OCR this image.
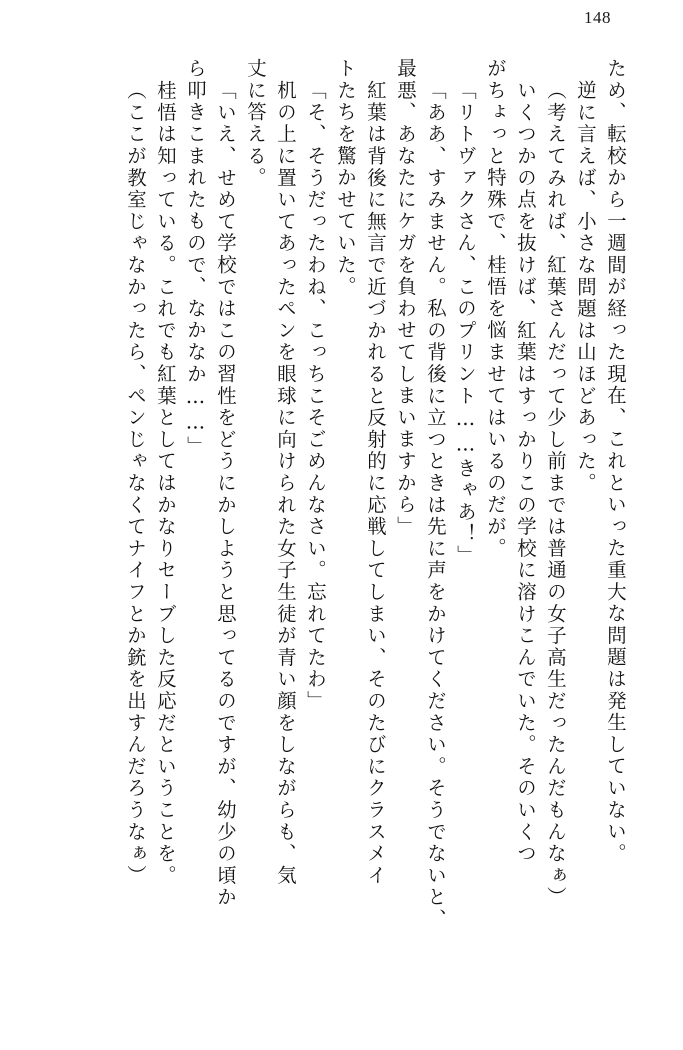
148
ため、転校から一週間が経った現在、これといった重大な問題は発生していない。
逆に言えば、小さな問題は山ほどあった。
（考えてみれば、紅葉さんだって少し前までは普通の女子高生だったんだもんなぁ）
いくつかの点を抜けば、紅葉はすっかりこの学校に溶けこんでいた。そのいくつ
がちょっと特殊で、桂悟を悩ませてはいるのだが。
「リトヴァクさん、このプリント……きゃあ！」
「ああ、すみません。私の背後に立つときは先に声をかけてください。そうでないと、
最悪、あなたにケガを負わせてしまいますから」
紅葉は背後に無言で近づかれると反射的に応戦してしまい、そのたびにクラスメイ
トたちを驚かせていた。
「そ、そうだったわね、こっちこそごめんなさい。忘れてたわ」
机の上に置いてあったペンを眼球に向けられた女子生徒が青い顔をしながらも、気
丈に答える。
「いえ、せめて学校ではこの習性をどうにかしようと思ってるのですが、幼少の頃か
ら叩きこまれたもので、なかなか……」
桂悟は知っている。これでも紅葉としてはかなりセーブした反応だということを。
（ここが教室じゃなかったら、ペンじゃなくてナイフとか銃を出すんだろうなぁ）
